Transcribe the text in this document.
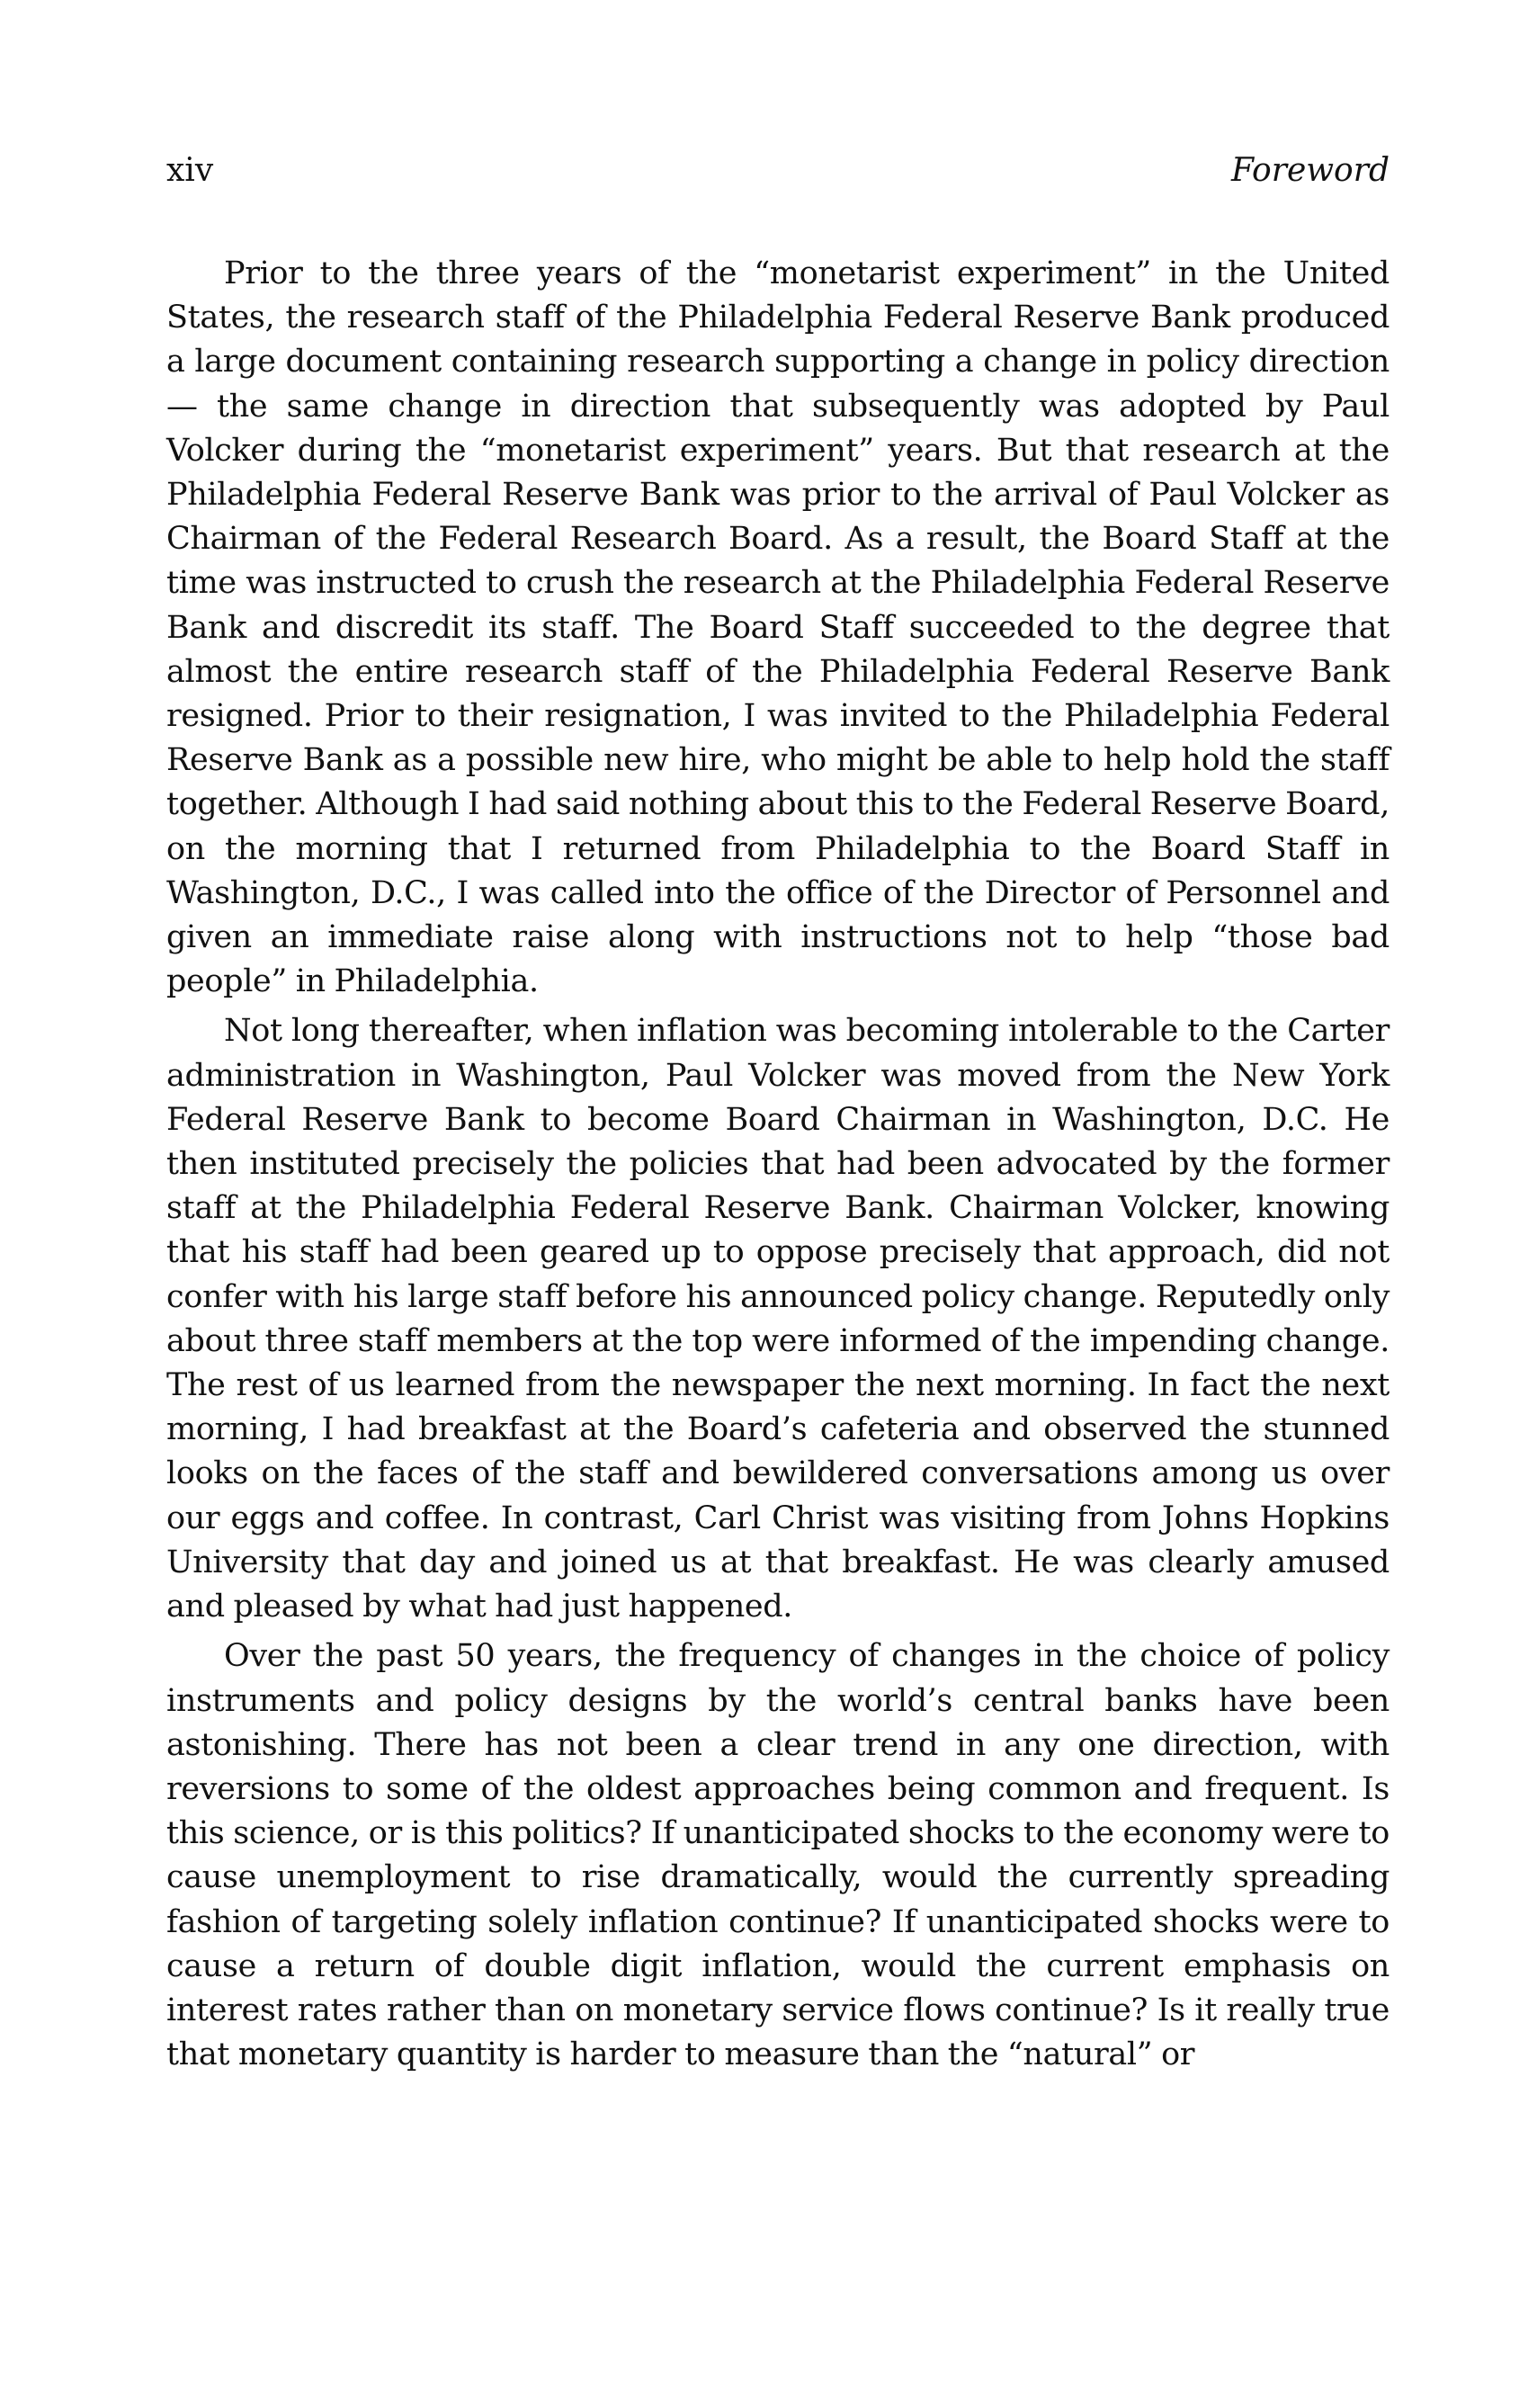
xiv	Foreword

Prior to the three years of the “monetarist experiment” in the United States, the research staff of the Philadelphia Federal Reserve Bank produced a large document containing research supporting a change in policy direction — the same change in direction that subsequently was adopted by Paul Volcker during the “monetarist experiment” years. But that research at the Philadelphia Federal Reserve Bank was prior to the arrival of Paul Volcker as Chairman of the Federal Research Board. As a result, the Board Staff at the time was instructed to crush the research at the Philadelphia Federal Reserve Bank and discredit its staff. The Board Staff succeeded to the degree that almost the entire research staff of the Philadelphia Federal Reserve Bank resigned. Prior to their resignation, I was invited to the Philadelphia Federal Reserve Bank as a possible new hire, who might be able to help hold the staff together. Although I had said nothing about this to the Federal Reserve Board, on the morning that I returned from Philadelphia to the Board Staff in Washington, D.C., I was called into the office of the Director of Personnel and given an immediate raise along with instructions not to help “those bad people” in Philadelphia.

Not long thereafter, when inflation was becoming intolerable to the Carter administration in Washington, Paul Volcker was moved from the New York Federal Reserve Bank to become Board Chairman in Washington, D.C. He then instituted precisely the policies that had been advocated by the former staff at the Philadelphia Federal Reserve Bank. Chairman Volcker, knowing that his staff had been geared up to oppose precisely that approach, did not confer with his large staff before his announced policy change. Reputedly only about three staff members at the top were informed of the impending change. The rest of us learned from the newspaper the next morning. In fact the next morning, I had breakfast at the Board’s cafeteria and observed the stunned looks on the faces of the staff and bewildered conversations among us over our eggs and coffee. In contrast, Carl Christ was visiting from Johns Hopkins University that day and joined us at that breakfast. He was clearly amused and pleased by what had just happened.

Over the past 50 years, the frequency of changes in the choice of policy instruments and policy designs by the world’s central banks have been astonishing. There has not been a clear trend in any one direction, with reversions to some of the oldest approaches being common and frequent. Is this science, or is this politics? If unanticipated shocks to the economy were to cause unemployment to rise dramatically, would the currently spreading fashion of targeting solely inflation continue? If unanticipated shocks were to cause a return of double digit inflation, would the current emphasis on interest rates rather than on monetary service flows continue? Is it really true that monetary quantity is harder to measure than the “natural” or
